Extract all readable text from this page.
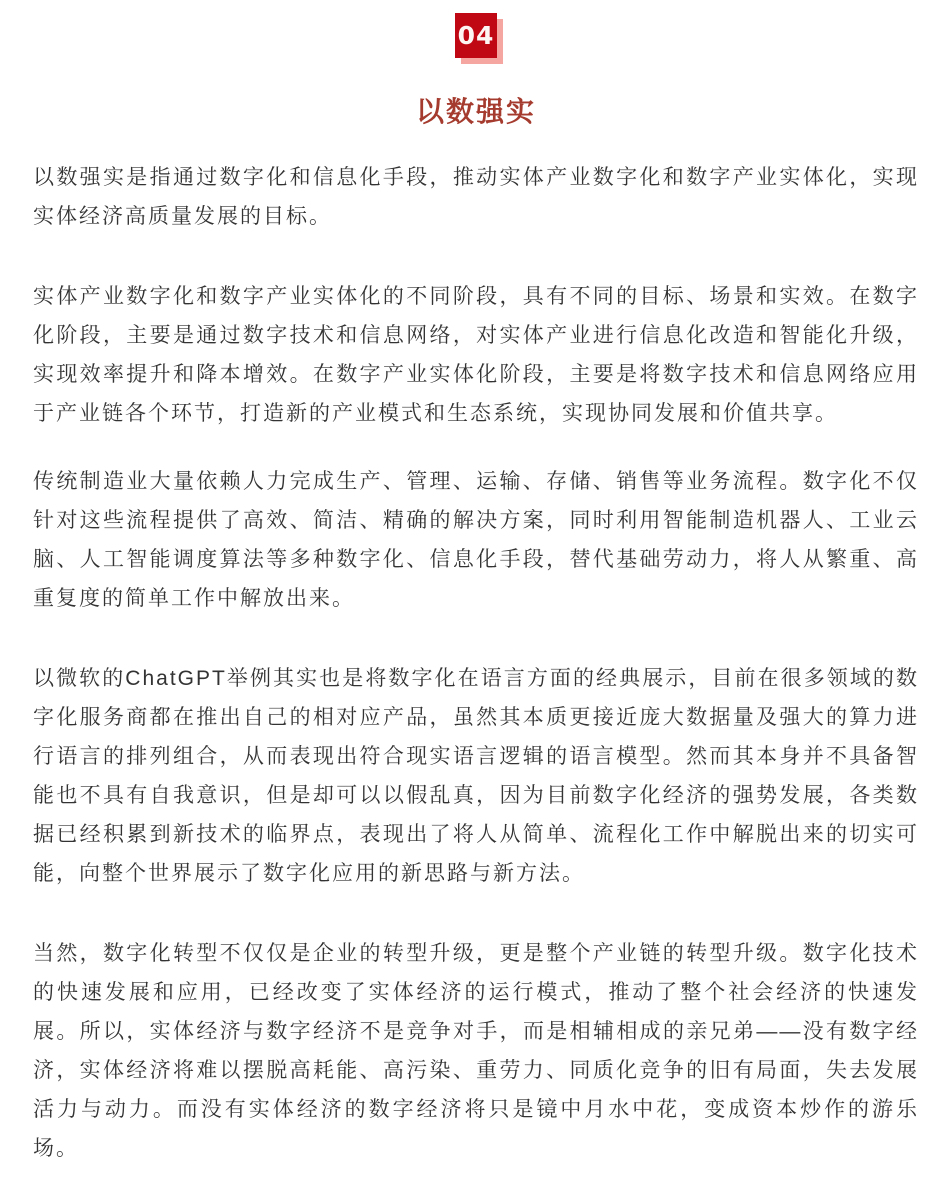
04
以数强实

以数强实是指通过数字化和信息化手段，推动实体产业数字化和数字产业实体化，实现实体经济高质量发展的目标。

实体产业数字化和数字产业实体化的不同阶段，具有不同的目标、场景和实效。在数字化阶段，主要是通过数字技术和信息网络，对实体产业进行信息化改造和智能化升级，实现效率提升和降本增效。在数字产业实体化阶段，主要是将数字技术和信息网络应用于产业链各个环节，打造新的产业模式和生态系统，实现协同发展和价值共享。

传统制造业大量依赖人力完成生产、管理、运输、存储、销售等业务流程。数字化不仅针对这些流程提供了高效、简洁、精确的解决方案，同时利用智能制造机器人、工业云脑、人工智能调度算法等多种数字化、信息化手段，替代基础劳动力，将人从繁重、高重复度的简单工作中解放出来。

以微软的ChatGPT举例其实也是将数字化在语言方面的经典展示，目前在很多领域的数字化服务商都在推出自己的相对应产品，虽然其本质更接近庞大数据量及强大的算力进行语言的排列组合，从而表现出符合现实语言逻辑的语言模型。然而其本身并不具备智能也不具有自我意识，但是却可以以假乱真，因为目前数字化经济的强势发展，各类数据已经积累到新技术的临界点，表现出了将人从简单、流程化工作中解脱出来的切实可能，向整个世界展示了数字化应用的新思路与新方法。

当然，数字化转型不仅仅是企业的转型升级，更是整个产业链的转型升级。数字化技术的快速发展和应用，已经改变了实体经济的运行模式，推动了整个社会经济的快速发展。所以，实体经济与数字经济不是竞争对手，而是相辅相成的亲兄弟——没有数字经济，实体经济将难以摆脱高耗能、高污染、重劳力、同质化竞争的旧有局面，失去发展活力与动力。而没有实体经济的数字经济将只是镜中月水中花，变成资本炒作的游乐场。
